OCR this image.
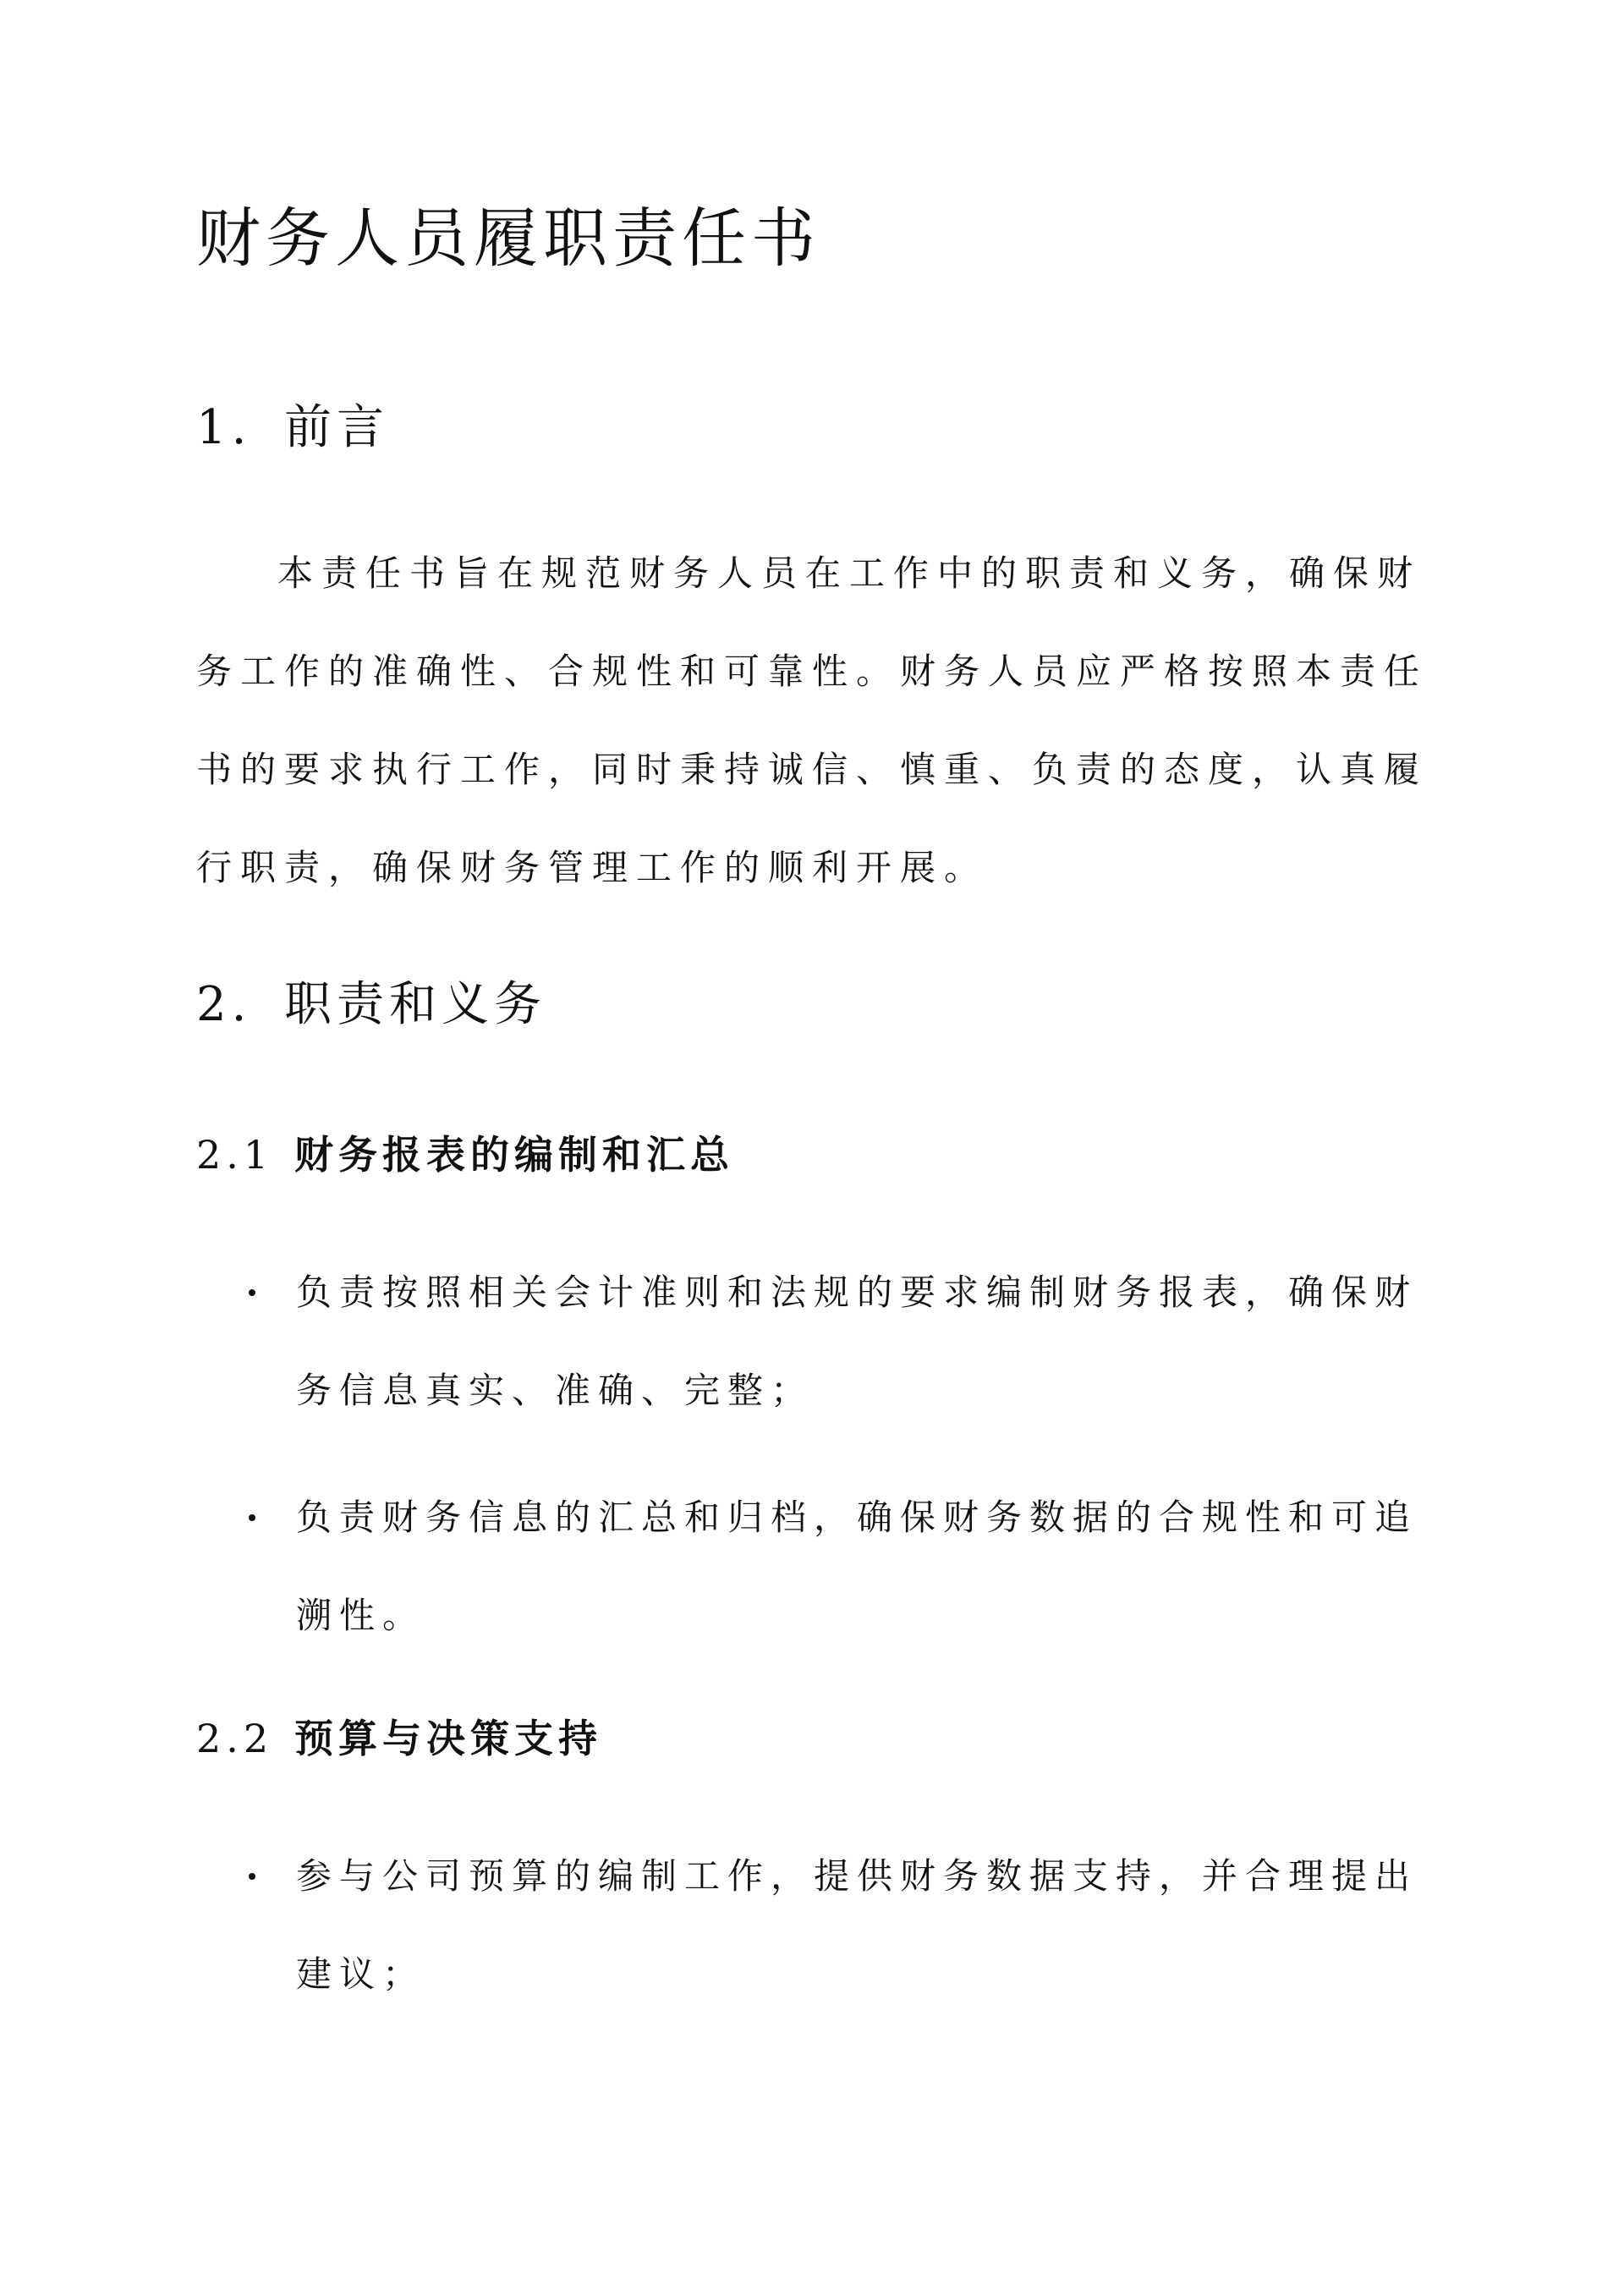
财务人员履职责任书
1. 前言

本责任书旨在规范财务人员在工作中的职责和义务，确保财务工作的准确性、合规性和可靠性。财务人员应严格按照本责任书的要求执行工作，同时秉持诚信、慎重、负责的态度，认真履行职责，确保财务管理工作的顺利开展。

2. 职责和义务
2.1 财务报表的编制和汇总
负责按照相关会计准则和法规的要求编制财务报表，确保财务信息真实、准确、完整；
负责财务信息的汇总和归档，确保财务数据的合规性和可追溯性。
2.2 预算与决策支持
参与公司预算的编制工作，提供财务数据支持，并合理提出建议；
